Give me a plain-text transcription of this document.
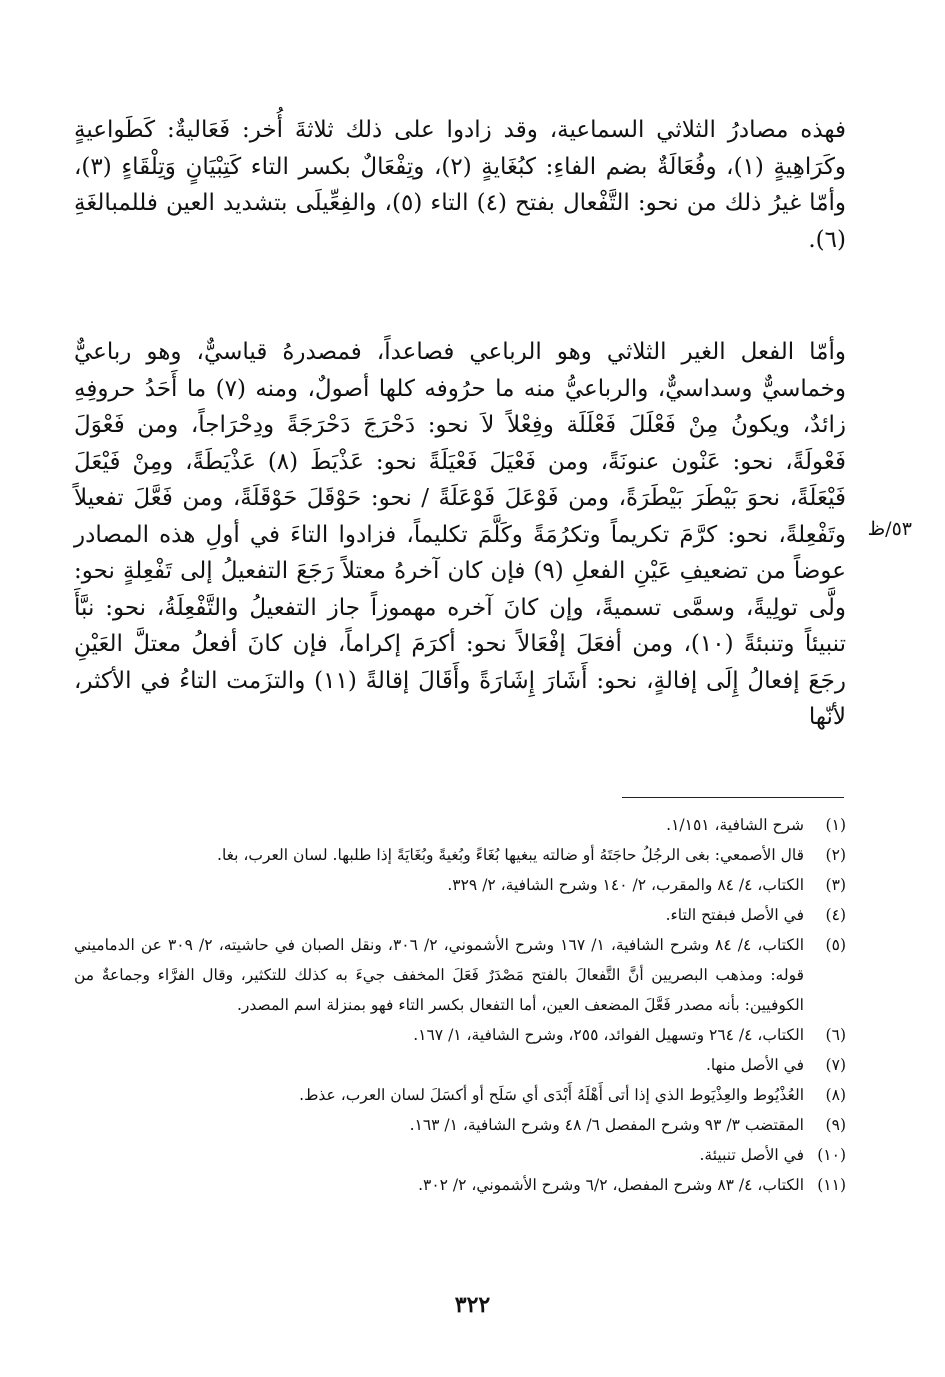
فهذه مصادرُ الثلاثي السماعية، وقد زادوا على ذلك ثلاثةَ أُخر: فَعَاليةٌ: كَطَواعيةٍ وكَرَاهِيةٍ (١)، وفُعَالَةٌ بضم الفاءِ: كبُغَايةٍ (٢)، وتِفْعَالٌ بكسر التاء كَتِبْيَانٍ وَتِلْقَاءٍ (٣)، وأمّا غيرُ ذلك من نحو: التَّفْعال بفتح (٤) التاء (٥)، والفِعِّيلَى بتشديد العين فللمبالغَةِ (٦).

وأمّا الفعل الغير الثلاثي وهو الرباعي فصاعداً، فمصدرهُ قياسيٌّ، وهو رباعيٌّ وخماسيٌّ وسداسيٌّ، والرباعيُّ منه ما حرُوفه كلها أصولٌ، ومنه (٧) ما أَحَدُ حروفِهِ زائدٌ، ويكونُ مِنْ فَعْلَلَ فَعْلَلَة وفِعْلاً لاَ نحو: دَحْرَجَ دَحْرَجَةً ودِحْرَاجاً، ومن فَعْوَلَ فَعْولَةً، نحو: عَنْون عنونَةً، ومن فَعْيَلَ فَعْيَلَةً نحو: عَذْيَطَ (٨) عَذْيَطَةً، ومِنْ فَيْعَلَ فَيْعَلَةً، نحوَ بَيْطَرَ بَيْطَرَةً، ومن فَوْعَلَ فَوْعَلَةً / نحو: حَوْقَلَ حَوْقَلَةً، ومن فَعَّلَ تفعيلاً وتَفْعِلةً، نحو: كرَّمَ تكريماً وتكرُمَةً وكَلَّمَ تكليماً، فزادوا التاءَ في أولِ هذه المصادر عوضاً من تضعيفِ عَيْنِ الفعلِ (٩) فإن كان آخرهُ معتلاً رَجَعَ التفعيلُ إلى تَفْعِلةٍ نحو: ولَّى تولِيةً، وسمَّى تسميةً، وإن كانَ آخره مهموزاً جاز التفعيلُ والتَّفْعِلَةُ، نحو: نبَّأَ تنبيئاً وتنبئةً (١٠)، ومن أفعَلَ إفْعَالاً نحو: أكرَمَ إكراماً، فإن كانَ أفعلُ معتلَّ العَيْنِ رجَعَ إفعالُ إِلَى إفالةٍ، نحو: أَشَارَ إِشَارَةً وأَقَالَ إقالةً (١١) والتزَمت التاءُ في الأكثر، لأنّها

٥٣/ظ
(١)
شرح الشافية، ١/١٥١.
(٢)
قال الأصمعي: بغى الرجُلُ حاجَتَهُ أو ضالته يبغيها بُغَاءً وبُغيةً وبُغَايَةً إذا طلبها. لسان العرب، بغا.
(٣)
الكتاب، ٤/ ٨٤ والمقرب، ٢/ ١٤٠ وشرح الشافية، ٢/ ٣٢٩.
(٤)
في الأصل فبفتح التاء.
(٥)
الكتاب، ٤/ ٨٤ وشرح الشافية، ١/ ١٦٧ وشرح الأشموني، ٢/ ٣٠٦، ونقل الصبان في حاشيته، ٢/ ٣٠٩ عن الدماميني قوله: ومذهب البصريين أنَّ التَّفعالَ بالفتح مَصْدَرٌ فَعَلَ المخفف جيءَ به كذلك للتكثير، وقال الفرَّاء وجماعةٌ من الكوفيين: بأنه مصدر فَعَّلَ المضعف العين، أما التفعال بكسر التاء فهو بمنزلة اسم المصدر.
(٦)
الكتاب، ٤/ ٢٦٤ وتسهيل الفوائد، ٢٥٥، وشرح الشافية، ١/ ١٦٧.
(٧)
في الأصل منها.
(٨)
العُذْيُوط والعِذْيَوط الذي إذا أتى أَهْلَهُ أَبْدَى أي سَلَح أو أكسَلَ لسان العرب، عذط.
(٩)
المقتضب ٣/ ٩٣ وشرح المفصل ٦/ ٤٨ وشرح الشافية، ١/ ١٦٣.
(١٠)
في الأصل تنبيئة.
(١١)
الكتاب، ٤/ ٨٣ وشرح المفصل، ٦/٢ وشرح الأشموني، ٢/ ٣٠٢.
٣٢٢
